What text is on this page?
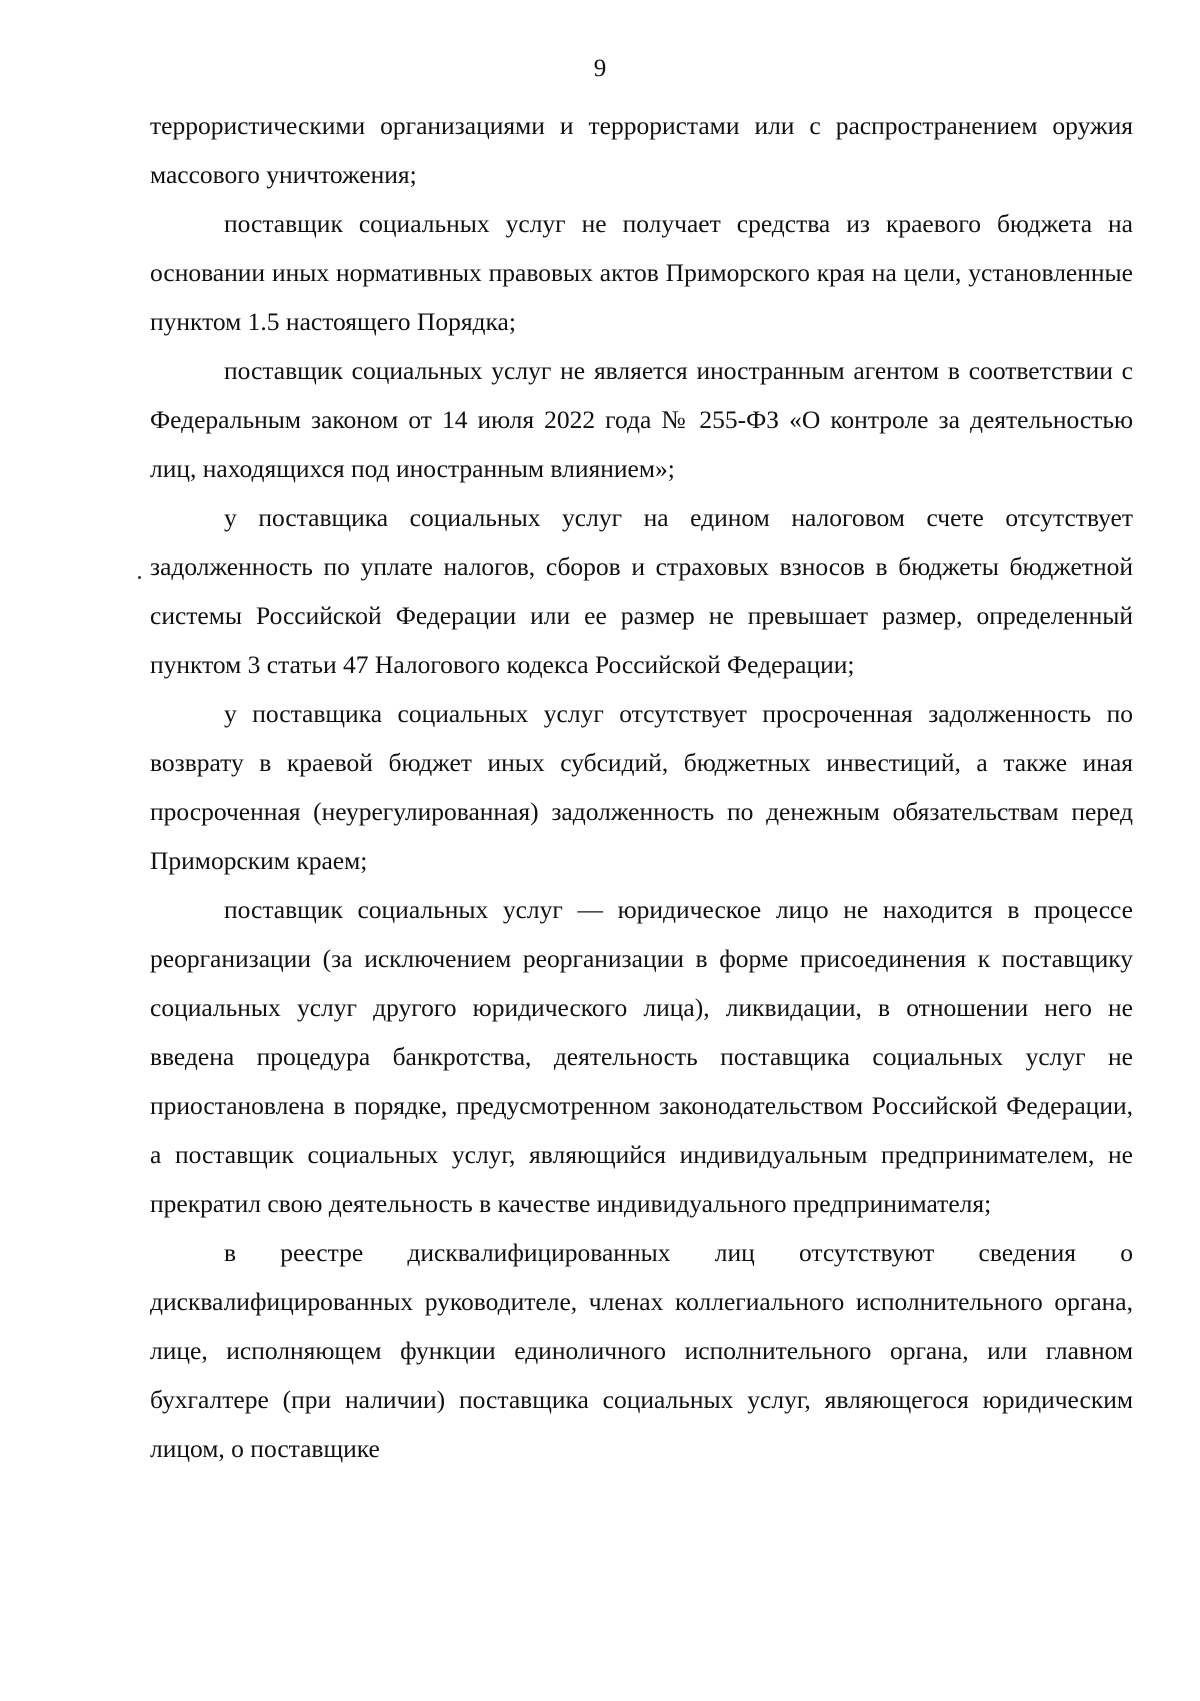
9

террористическими организациями и террористами или с распространением оружия массового уничтожения;

поставщик социальных услуг не получает средства из краевого бюджета на основании иных нормативных правовых актов Приморского края на цели, установленные пунктом 1.5 настоящего Порядка;

поставщик социальных услуг не является иностранным агентом в соответствии с Федеральным законом от 14 июля 2022 года № 255-ФЗ «О контроле за деятельностью лиц, находящихся под иностранным влиянием»;

у поставщика социальных услуг на едином налоговом счете отсутствует задолженность по уплате налогов, сборов и страховых взносов в бюджеты бюджетной системы Российской Федерации или ее размер не превышает размер, определенный пунктом 3 статьи 47 Налогового кодекса Российской Федерации;

у поставщика социальных услуг отсутствует просроченная задолженность по возврату в краевой бюджет иных субсидий, бюджетных инвестиций, а также иная просроченная (неурегулированная) задолженность по денежным обязательствам перед Приморским краем;

поставщик социальных услуг — юридическое лицо не находится в процессе реорганизации (за исключением реорганизации в форме присоединения к поставщику социальных услуг другого юридического лица), ликвидации, в отношении него не введена процедура банкротства, деятельность поставщика социальных услуг не приостановлена в порядке, предусмотренном законодательством Российской Федерации, а поставщик социальных услуг, являющийся индивидуальным предпринимателем, не прекратил свою деятельность в качестве индивидуального предпринимателя;

в реестре дисквалифицированных лиц отсутствуют сведения о дисквалифицированных руководителе, членах коллегиального исполнительного органа, лице, исполняющем функции единоличного исполнительного органа, или главном бухгалтере (при наличии) поставщика социальных услуг, являющегося юридическим лицом, о поставщике
